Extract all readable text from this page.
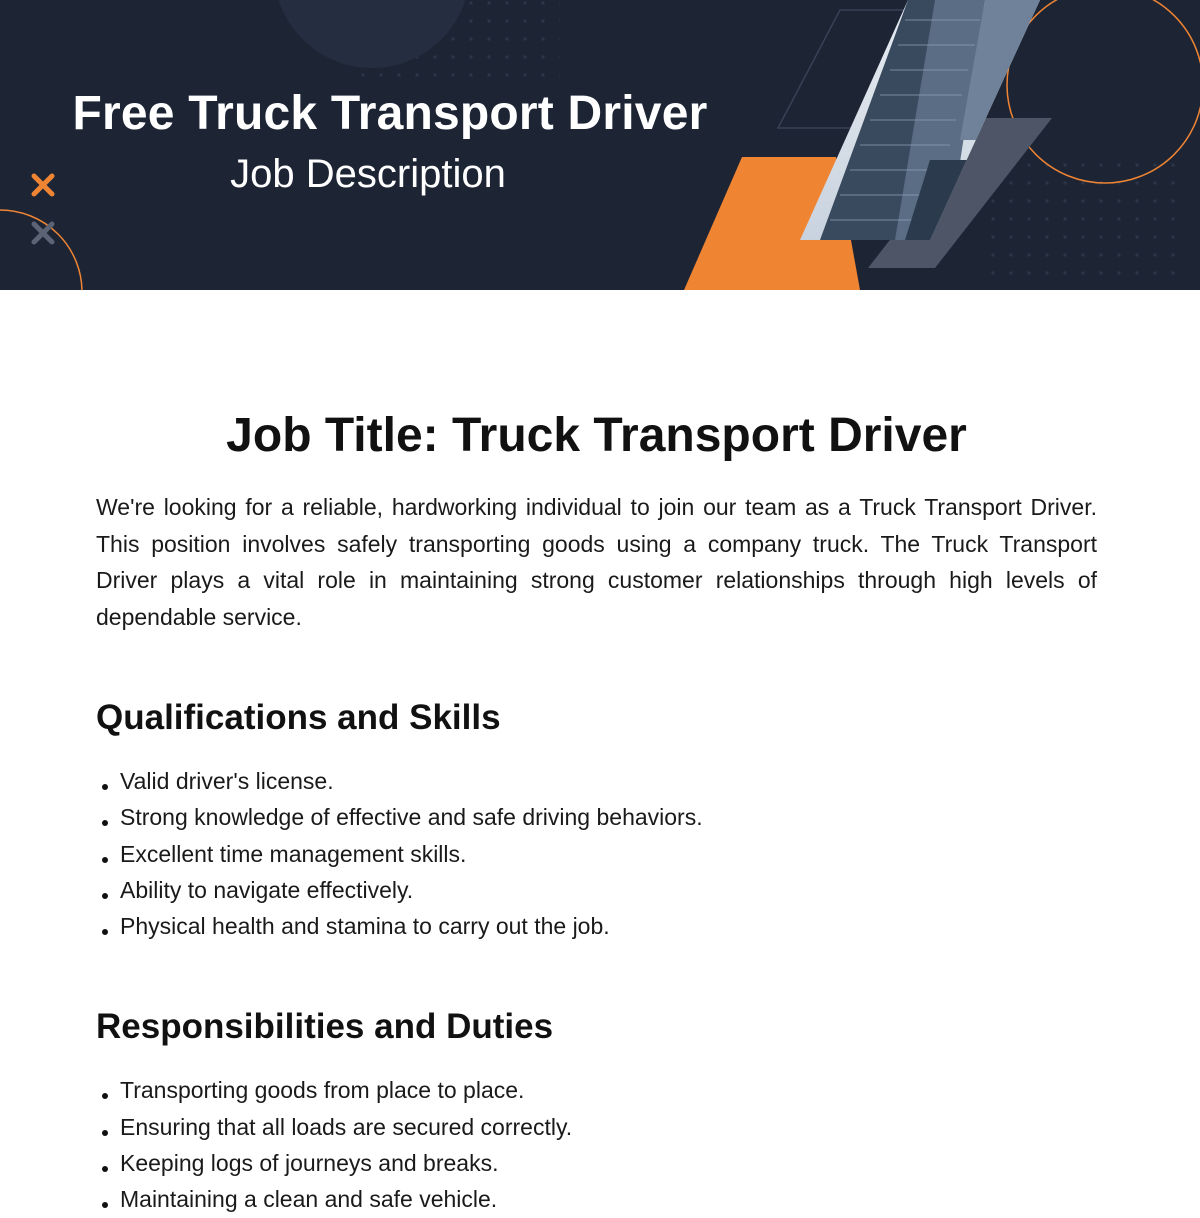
Free Truck Transport Driver
Job Description
Job Title: Truck Transport Driver

We're looking for a reliable, hardworking individual to join our team as a Truck Transport Driver. This position involves safely transporting goods using a company truck. The Truck Transport Driver plays a vital role in maintaining strong customer relationships through high levels of dependable service.

Qualifications and Skills
Valid driver's license.
Strong knowledge of effective and safe driving behaviors.
Excellent time management skills.
Ability to navigate effectively.
Physical health and stamina to carry out the job.
Responsibilities and Duties
Transporting goods from place to place.
Ensuring that all loads are secured correctly.
Keeping logs of journeys and breaks.
Maintaining a clean and safe vehicle.
